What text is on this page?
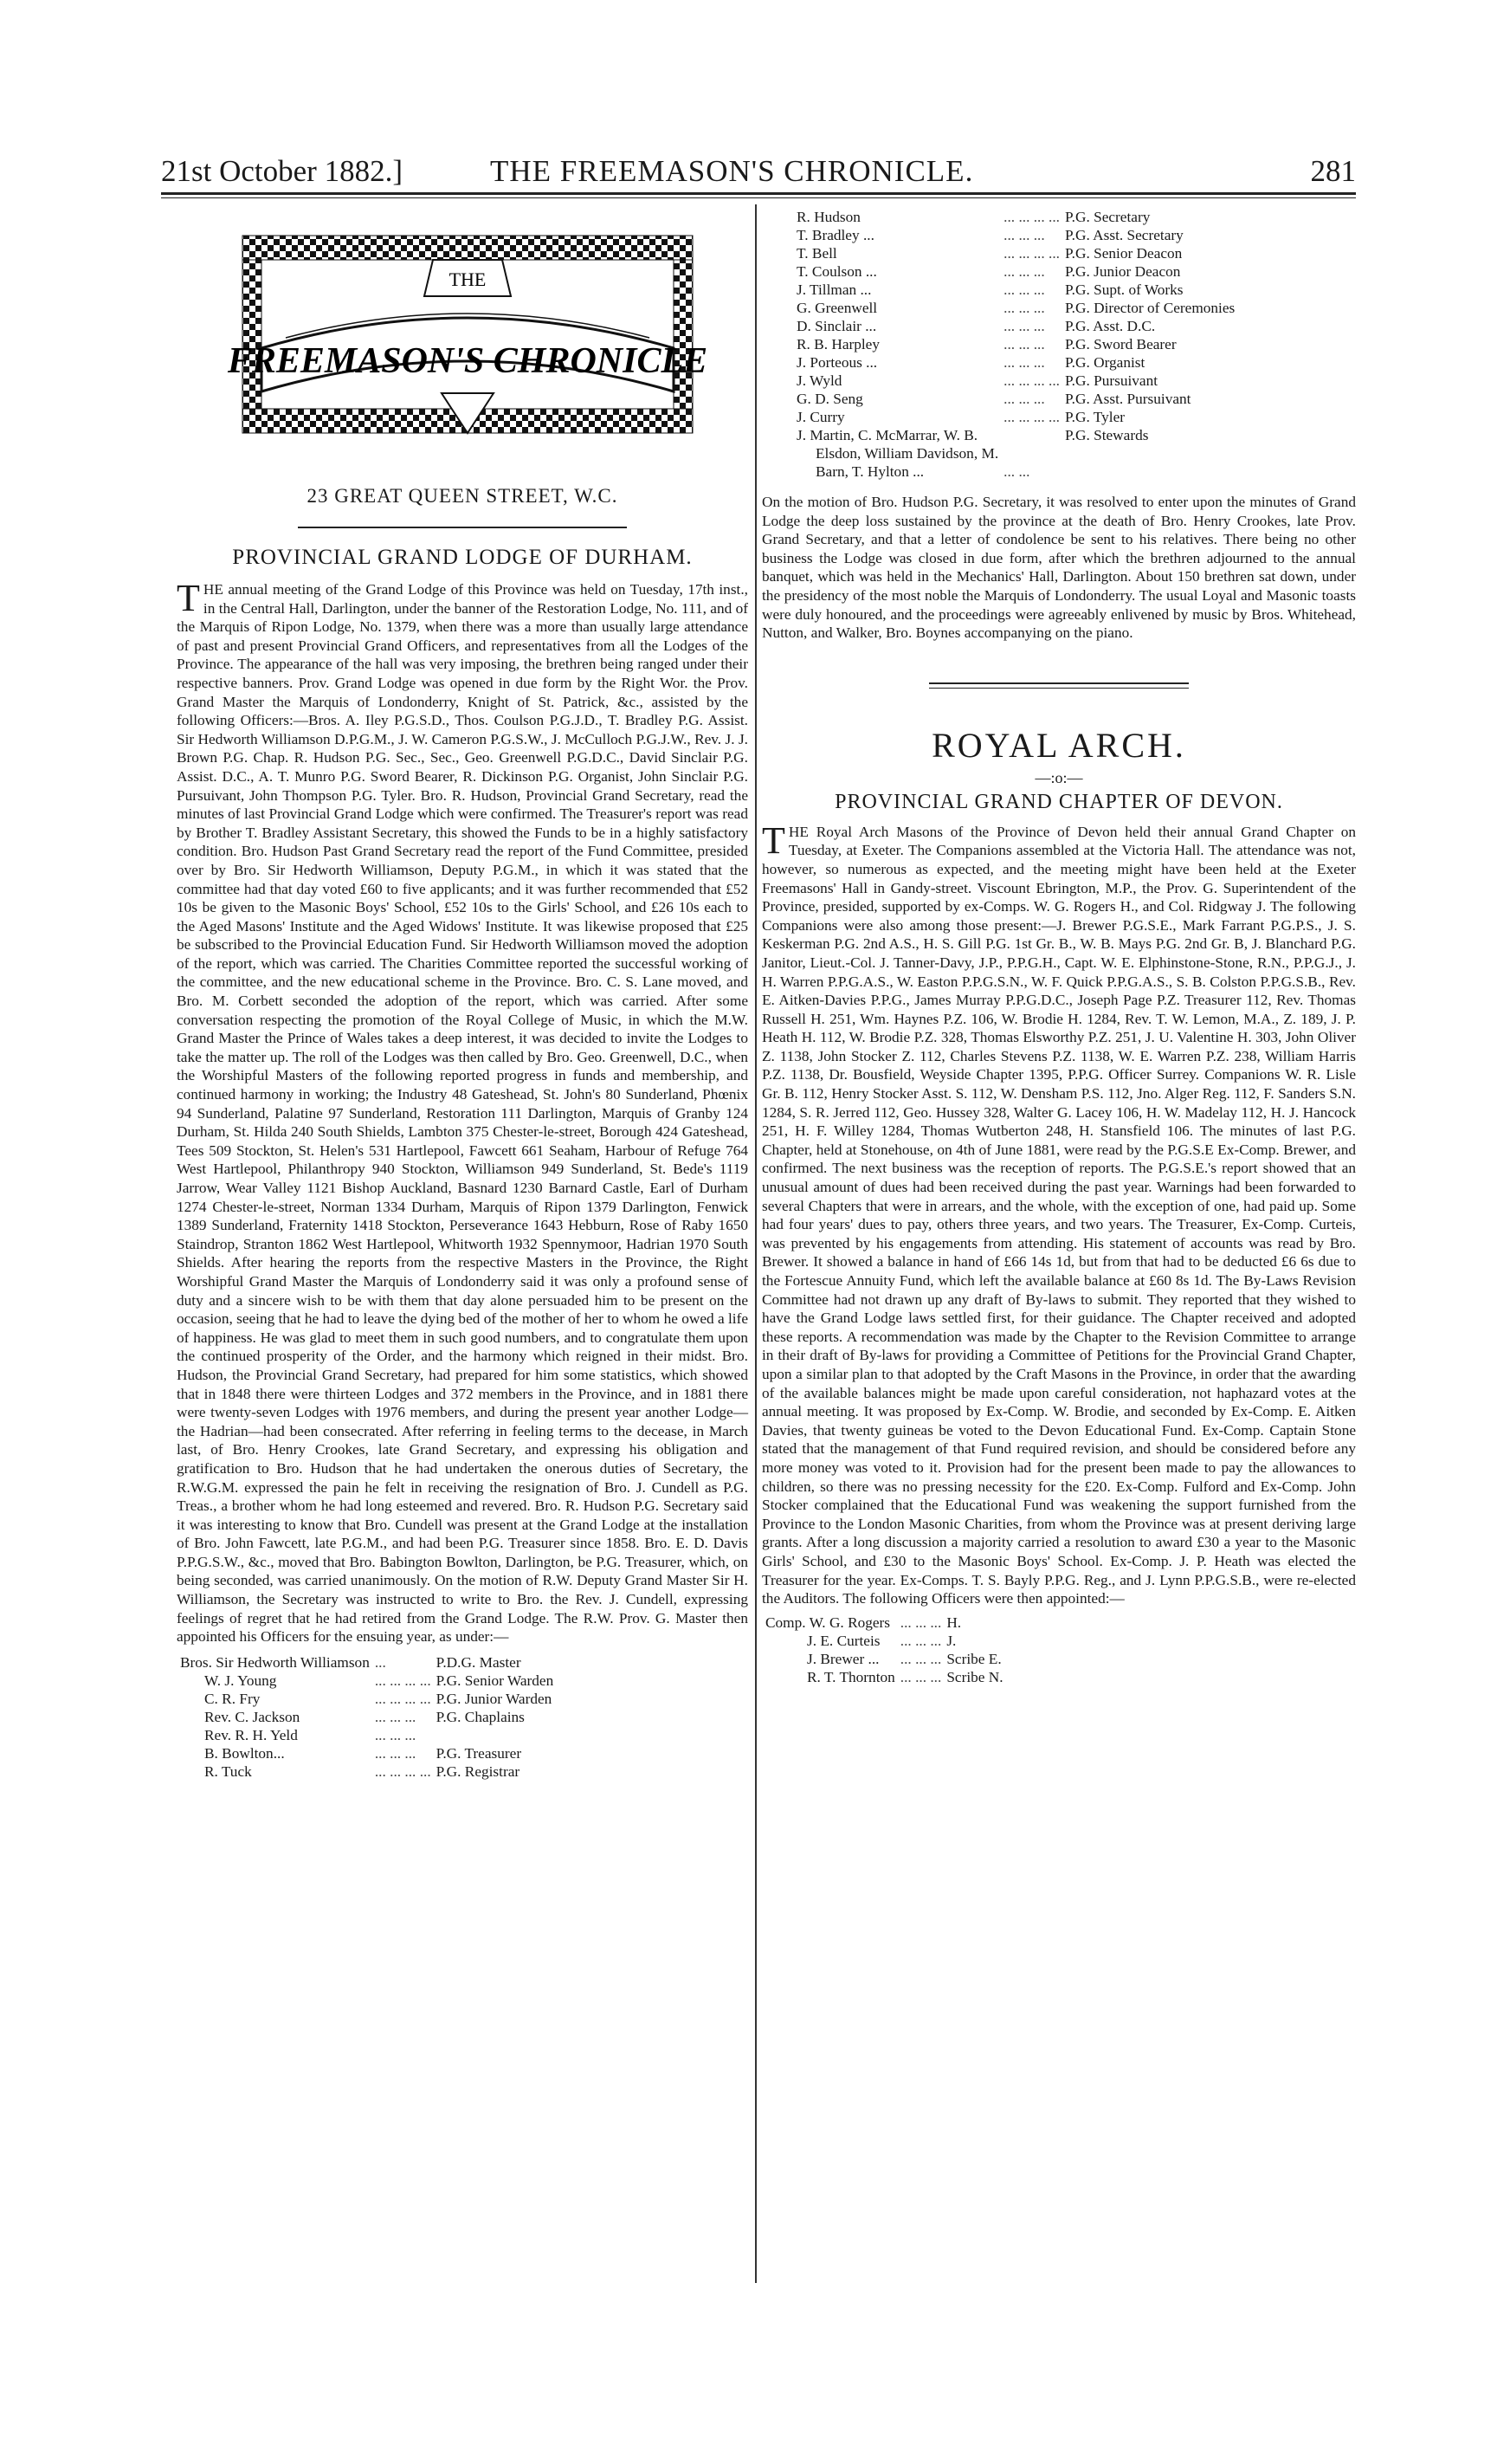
21st October 1882.]	THE FREEMASON'S CHRONICLE.	281
THE
FREEMASON'S CHRONICLE
23 GREAT QUEEN STREET, W.C.

PROVINCIAL GRAND LODGE OF DURHAM.

THE annual meeting of the Grand Lodge of this Province was held on Tuesday, 17th inst., in the Central Hall, Darlington, under the banner of the Restoration Lodge, No. 111, and of the Marquis of Ripon Lodge, No. 1379, when there was a more than usually large attendance of past and present Provincial Grand Officers, and representatives from all the Lodges of the Province. The appearance of the hall was very imposing, the brethren being ranged under their respective banners. Prov. Grand Lodge was opened in due form by the Right Wor. the Prov. Grand Master the Marquis of Londonderry, Knight of St. Patrick, &c., assisted by the following Officers:—Bros. A. Iley P.G.S.D., Thos. Coulson P.G.J.D., T. Bradley P.G. Assist. Sir Hedworth Williamson D.P.G.M., J. W. Cameron P.G.S.W., J. McCulloch P.G.J.W., Rev. J. J. Brown P.G. Chap. R. Hudson P.G. Sec., Sec., Geo. Greenwell P.G.D.C., David Sinclair P.G. Assist. D.C., A. T. Munro P.G. Sword Bearer, R. Dickinson P.G. Organist, John Sinclair P.G. Pursuivant, John Thompson P.G. Tyler. Bro. R. Hudson, Provincial Grand Secretary, read the minutes of last Provincial Grand Lodge which were confirmed. The Treasurer's report was read by Brother T. Bradley Assistant Secretary, this showed the Funds to be in a highly satisfactory condition. Bro. Hudson Past Grand Secretary read the report of the Fund Committee, presided over by Bro. Sir Hedworth Williamson, Deputy P.G.M., in which it was stated that the committee had that day voted £60 to five applicants; and it was further recommended that £52 10s be given to the Masonic Boys' School, £52 10s to the Girls' School, and £26 10s each to the Aged Masons' Institute and the Aged Widows' Institute. It was likewise proposed that £25 be subscribed to the Provincial Education Fund. Sir Hedworth Williamson moved the adoption of the report, which was carried. The Charities Committee reported the successful working of the committee, and the new educational scheme in the Province. Bro. C. S. Lane moved, and Bro. M. Corbett seconded the adoption of the report, which was carried. After some conversation respecting the promotion of the Royal College of Music, in which the M.W. Grand Master the Prince of Wales takes a deep interest, it was decided to invite the Lodges to take the matter up. The roll of the Lodges was then called by Bro. Geo. Greenwell, D.C., when the Worshipful Masters of the following reported progress in funds and membership, and continued harmony in working; the Industry 48 Gateshead, St. John's 80 Sunderland, Phœnix 94 Sunderland, Palatine 97 Sunderland, Restoration 111 Darlington, Marquis of Granby 124 Durham, St. Hilda 240 South Shields, Lambton 375 Chester-le-street, Borough 424 Gateshead, Tees 509 Stockton, St. Helen's 531 Hartlepool, Fawcett 661 Seaham, Harbour of Refuge 764 West Hartlepool, Philanthropy 940 Stockton, Williamson 949 Sunderland, St. Bede's 1119 Jarrow, Wear Valley 1121 Bishop Auckland, Basnard 1230 Barnard Castle, Earl of Durham 1274 Chester-le-street, Norman 1334 Durham, Marquis of Ripon 1379 Darlington, Fenwick 1389 Sunderland, Fraternity 1418 Stockton, Perseverance 1643 Hebburn, Rose of Raby 1650 Staindrop, Stranton 1862 West Hartlepool, Whitworth 1932 Spennymoor, Hadrian 1970 South Shields. After hearing the reports from the respective Masters in the Province, the Right Worshipful Grand Master the Marquis of Londonderry said it was only a profound sense of duty and a sincere wish to be with them that day alone persuaded him to be present on the occasion, seeing that he had to leave the dying bed of the mother of her to whom he owed a life of happiness. He was glad to meet them in such good numbers, and to congratulate them upon the continued prosperity of the Order, and the harmony which reigned in their midst. Bro. Hudson, the Provincial Grand Secretary, had prepared for him some statistics, which showed that in 1848 there were thirteen Lodges and 372 members in the Province, and in 1881 there were twenty-seven Lodges with 1976 members, and during the present year another Lodge—the Hadrian—had been consecrated. After referring in feeling terms to the decease, in March last, of Bro. Henry Crookes, late Grand Secretary, and expressing his obligation and gratification to Bro. Hudson that he had undertaken the onerous duties of Secretary, the R.W.G.M. expressed the pain he felt in receiving the resignation of Bro. J. Cundell as P.G. Treas., a brother whom he had long esteemed and revered. Bro. R. Hudson P.G. Secretary said it was interesting to know that Bro. Cundell was present at the Grand Lodge at the installation of Bro. John Fawcett, late P.G.M., and had been P.G. Treasurer since 1858. Bro. E. D. Davis P.P.G.S.W., &c., moved that Bro. Babington Bowlton, Darlington, be P.G. Treasurer, which, on being seconded, was carried unanimously. On the motion of R.W. Deputy Grand Master Sir H. Williamson, the Secretary was instructed to write to Bro. the Rev. J. Cundell, expressing feelings of regret that he had retired from the Grand Lodge. The R.W. Prov. G. Master then appointed his Officers for the ensuing year, as under:—
Bros. Sir Hedworth Williamson	...	P.D.G. Master
W. J. Young	... ... ... ...	P.G. Senior Warden
C. R. Fry	... ... ... ...	P.G. Junior Warden
Rev. C. Jackson	... ... ...	P.G. Chaplains
Rev. R. H. Yeld	... ... ...	
B. Bowlton...	... ... ...	P.G. Treasurer
R. Tuck	... ... ... ...	P.G. Registrar
R. Hudson	... ... ... ...	P.G. Secretary
T. Bradley ...	... ... ...	P.G. Asst. Secretary
T. Bell	... ... ... ...	P.G. Senior Deacon
T. Coulson ...	... ... ...	P.G. Junior Deacon
J. Tillman ...	... ... ...	P.G. Supt. of Works
G. Greenwell	... ... ...	P.G. Director of Ceremonies
D. Sinclair ...	... ... ...	P.G. Asst. D.C.
R. B. Harpley	... ... ...	P.G. Sword Bearer
J. Porteous ...	... ... ...	P.G. Organist
J. Wyld	... ... ... ...	P.G. Pursuivant
G. D. Seng	... ... ...	P.G. Asst. Pursuivant
J. Curry	... ... ... ...	P.G. Tyler
J. Martin, C. McMarrar, W. B.		P.G. Stewards
Elsdon, William Davidson, M.		
Barn, T. Hylton ...	... ...	

On the motion of Bro. Hudson P.G. Secretary, it was resolved to enter upon the minutes of Grand Lodge the deep loss sustained by the province at the death of Bro. Henry Crookes, late Prov. Grand Secretary, and that a letter of condolence be sent to his relatives. There being no other business the Lodge was closed in due form, after which the brethren adjourned to the annual banquet, which was held in the Mechanics' Hall, Darlington. About 150 brethren sat down, under the presidency of the most noble the Marquis of Londonderry. The usual Loyal and Masonic toasts were duly honoured, and the proceedings were agreeably enlivened by music by Bros. Whitehead, Nutton, and Walker, Bro. Boynes accompanying on the piano.

ROYAL ARCH.

—:o:—

PROVINCIAL GRAND CHAPTER OF DEVON.

THE Royal Arch Masons of the Province of Devon held their annual Grand Chapter on Tuesday, at Exeter. The Companions assembled at the Victoria Hall. The attendance was not, however, so numerous as expected, and the meeting might have been held at the Exeter Freemasons' Hall in Gandy-street. Viscount Ebrington, M.P., the Prov. G. Superintendent of the Province, presided, supported by ex-Comps. W. G. Rogers H., and Col. Ridgway J. The following Companions were also among those present:—J. Brewer P.G.S.E., Mark Farrant P.G.P.S., J. S. Keskerman P.G. 2nd A.S., H. S. Gill P.G. 1st Gr. B., W. B. Mays P.G. 2nd Gr. B, J. Blanchard P.G. Janitor, Lieut.-Col. J. Tanner-Davy, J.P., P.P.G.H., Capt. W. E. Elphinstone-Stone, R.N., P.P.G.J., J. H. Warren P.P.G.A.S., W. Easton P.P.G.S.N., W. F. Quick P.P.G.A.S., S. B. Colston P.P.G.S.B., Rev. E. Aitken-Davies P.P.G., James Murray P.P.G.D.C., Joseph Page P.Z. Treasurer 112, Rev. Thomas Russell H. 251, Wm. Haynes P.Z. 106, W. Brodie H. 1284, Rev. T. W. Lemon, M.A., Z. 189, J. P. Heath H. 112, W. Brodie P.Z. 328, Thomas Elsworthy P.Z. 251, J. U. Valentine H. 303, John Oliver Z. 1138, John Stocker Z. 112, Charles Stevens P.Z. 1138, W. E. Warren P.Z. 238, William Harris P.Z. 1138, Dr. Bousfield, Weyside Chapter 1395, P.P.G. Officer Surrey. Companions W. R. Lisle Gr. B. 112, Henry Stocker Asst. S. 112, W. Densham P.S. 112, Jno. Alger Reg. 112, F. Sanders S.N. 1284, S. R. Jerred 112, Geo. Hussey 328, Walter G. Lacey 106, H. W. Madelay 112, H. J. Hancock 251, H. F. Willey 1284, Thomas Wutberton 248, H. Stansfield 106. The minutes of last P.G. Chapter, held at Stonehouse, on 4th of June 1881, were read by the P.G.S.E Ex-Comp. Brewer, and confirmed. The next business was the reception of reports. The P.G.S.E.'s report showed that an unusual amount of dues had been received during the past year. Warnings had been forwarded to several Chapters that were in arrears, and the whole, with the exception of one, had paid up. Some had four years' dues to pay, others three years, and two years. The Treasurer, Ex-Comp. Curteis, was prevented by his engagements from attending. His statement of accounts was read by Bro. Brewer. It showed a balance in hand of £66 14s 1d, but from that had to be deducted £6 6s due to the Fortescue Annuity Fund, which left the available balance at £60 8s 1d. The By-Laws Revision Committee had not drawn up any draft of By-laws to submit. They reported that they wished to have the Grand Lodge laws settled first, for their guidance. The Chapter received and adopted these reports. A recommendation was made by the Chapter to the Revision Committee to arrange in their draft of By-laws for providing a Committee of Petitions for the Provincial Grand Chapter, upon a similar plan to that adopted by the Craft Masons in the Province, in order that the awarding of the available balances might be made upon careful consideration, not haphazard votes at the annual meeting. It was proposed by Ex-Comp. W. Brodie, and seconded by Ex-Comp. E. Aitken Davies, that twenty guineas be voted to the Devon Educational Fund. Ex-Comp. Captain Stone stated that the management of that Fund required revision, and should be considered before any more money was voted to it. Provision had for the present been made to pay the allowances to children, so there was no pressing necessity for the £20. Ex-Comp. Fulford and Ex-Comp. John Stocker complained that the Educational Fund was weakening the support furnished from the Province to the London Masonic Charities, from whom the Province was at present deriving large grants. After a long discussion a majority carried a resolution to award £30 a year to the Masonic Girls' School, and £30 to the Masonic Boys' School. Ex-Comp. J. P. Heath was elected the Treasurer for the year. Ex-Comps. T. S. Bayly P.P.G. Reg., and J. Lynn P.P.G.S.B., were re-elected the Auditors. The following Officers were then appointed:—
Comp. W. G. Rogers	... ... ...	H.
J. E. Curteis	... ... ...	J.
J. Brewer ...	... ... ...	Scribe E.
R. T. Thornton	... ... ...	Scribe N.
